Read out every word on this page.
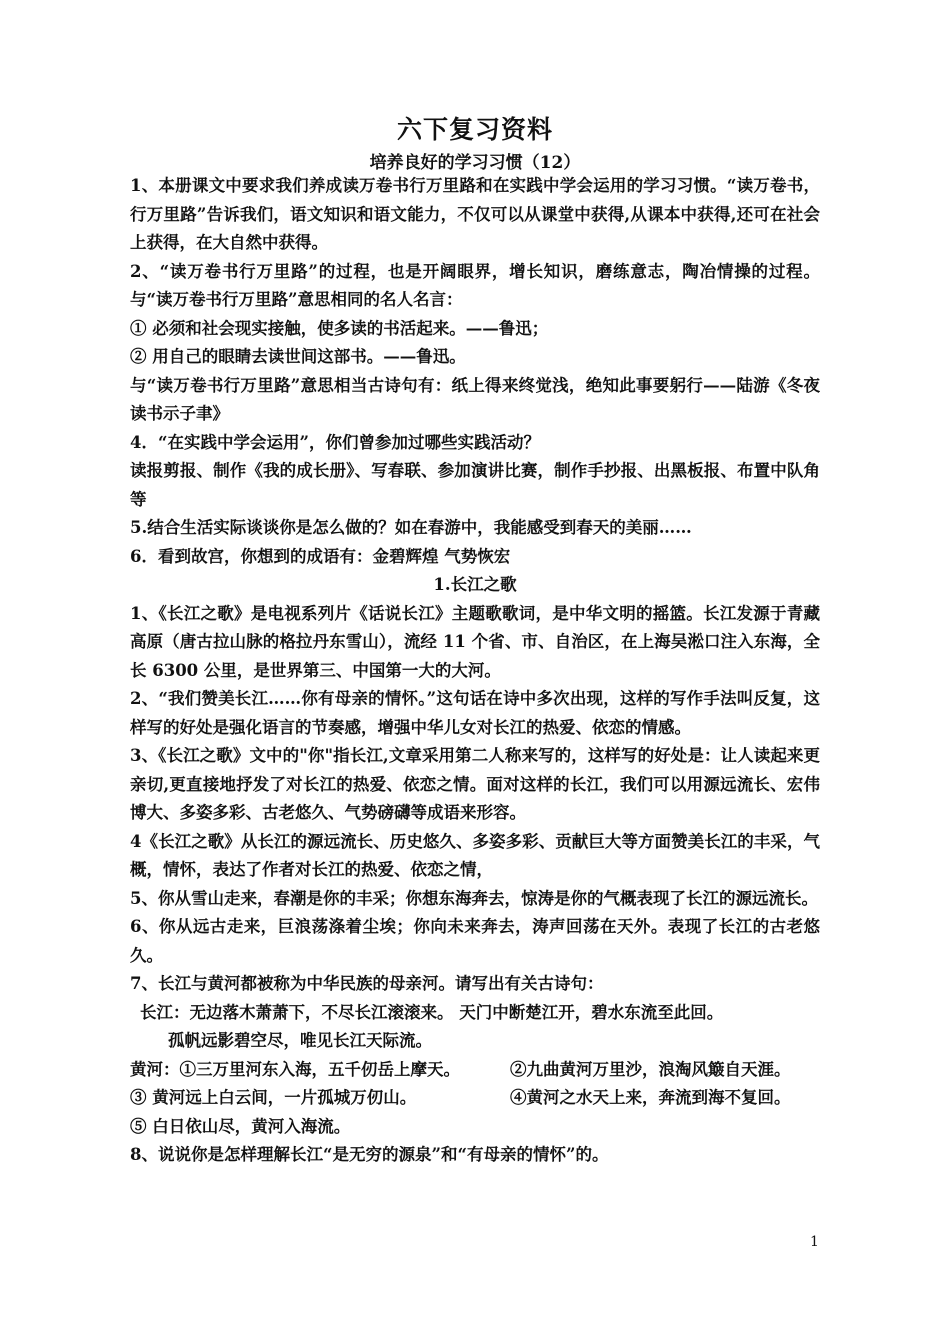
六下复习资料
培养良好的学习习惯（12）

1、本册课文中要求我们养成读万卷书行万里路和在实践中学会运用的学习习惯。“读万卷书，行万里路”告诉我们，语文知识和语文能力，不仅可以从课堂中获得,从课本中获得,还可在社会上获得，在大自然中获得。

2、“读万卷书行万里路”的过程，也是开阔眼界，增长知识，磨练意志，陶冶情操的过程。与“读万卷书行万里路”意思相同的名人名言：

① 必须和社会现实接触，使多读的书活起来。——鲁迅；

② 用自己的眼睛去读世间这部书。——鲁迅。

与“读万卷书行万里路”意思相当古诗句有：纸上得来终觉浅，绝知此事要躬行——陆游《冬夜读书示子聿》

4．“在实践中学会运用”，你们曾参加过哪些实践活动？

读报剪报、制作《我的成长册》、写春联、参加演讲比赛，制作手抄报、出黑板报、布置中队角等

5.结合生活实际谈谈你是怎么做的？如在春游中，我能感受到春天的美丽……

6．看到故宫，你想到的成语有：金碧辉煌 气势恢宏

1.长江之歌

1、《长江之歌》是电视系列片《话说长江》主题歌歌词，是中华文明的摇篮。长江发源于青藏高原（唐古拉山脉的格拉丹东雪山），流经 11 个省、市、自治区，在上海吴淞口注入东海，全长 6300 公里，是世界第三、中国第一大的大河。

2、“我们赞美长江……你有母亲的情怀。”这句话在诗中多次出现，这样的写作手法叫反复，这样写的好处是强化语言的节奏感，增强中华儿女对长江的热爱、依恋的情感。

3、《长江之歌》文中的"你"指长江,文章采用第二人称来写的，这样写的好处是：让人读起来更亲切,更直接地抒发了对长江的热爱、依恋之情。面对这样的长江，我们可以用源远流长、宏伟博大、多姿多彩、古老悠久、气势磅礴等成语来形容。

4《长江之歌》从长江的源远流长、历史悠久、多姿多彩、贡献巨大等方面赞美长江的丰采，气概，情怀，表达了作者对长江的热爱、依恋之情，

5、你从雪山走来，春潮是你的丰采；你想东海奔去，惊涛是你的气概表现了长江的源远流长。

6、你从远古走来，巨浪荡涤着尘埃；你向未来奔去，涛声回荡在天外。表现了长江的古老悠久。

7、长江与黄河都被称为中华民族的母亲河。请写出有关古诗句：

长江：无边落木萧萧下，不尽长江滚滚来。 天门中断楚江开，碧水东流至此回。

孤帆远影碧空尽，唯见长江天际流。

黄河：①三万里河东入海，五千仞岳上摩天。	②九曲黄河万里沙，浪淘风簸自天涯。
③ 黄河远上白云间，一片孤城万仞山。	④黄河之水天上来，奔流到海不复回。

⑤ 白日依山尽，黄河入海流。

8、说说你是怎样理解长江“是无穷的源泉”和“有母亲的情怀”的。

1
